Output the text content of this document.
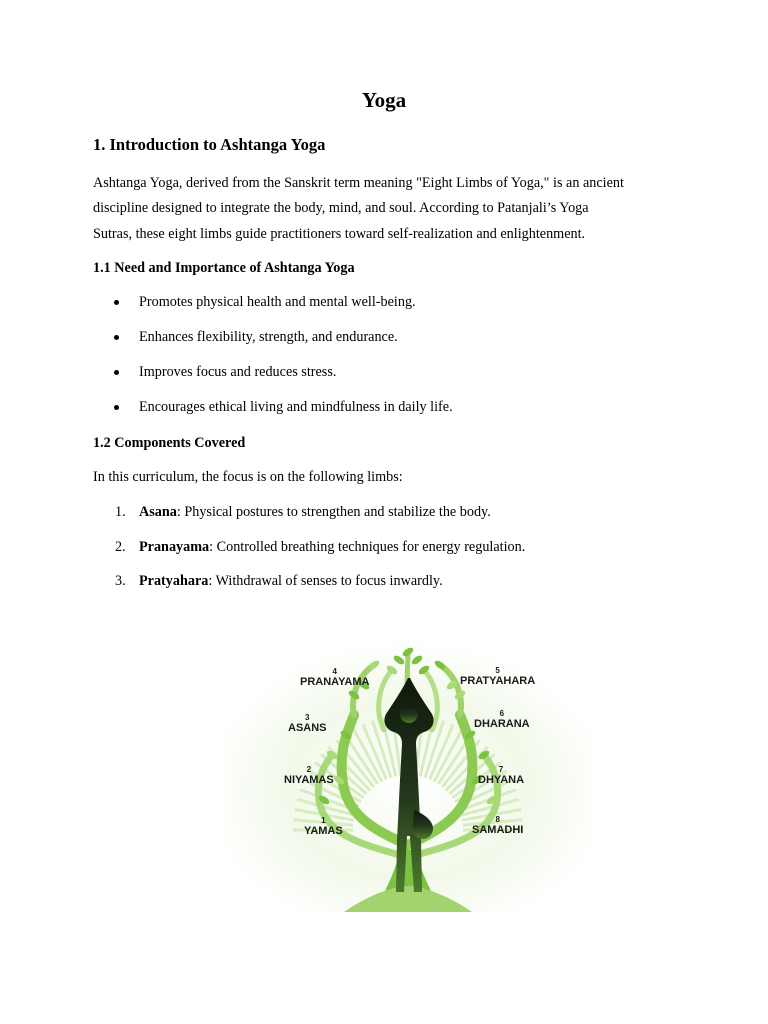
Yoga
1. Introduction to Ashtanga Yoga
Ashtanga Yoga, derived from the Sanskrit term meaning "Eight Limbs of Yoga," is an ancient
discipline designed to integrate the body, mind, and soul. According to Patanjali’s Yoga
Sutras, these eight limbs guide practitioners toward self-realization and enlightenment.
1.1 Need and Importance of Ashtanga Yoga
Promotes physical health and mental well-being.
Enhances flexibility, strength, and endurance.
Improves focus and reduces stress.
Encourages ethical living and mindfulness in daily life.
1.2 Components Covered
In this curriculum, the focus is on the following limbs:
1. Asana: Physical postures to strengthen and stabilize the body.
2. Pranayama: Controlled breathing techniques for energy regulation.
3. Pratyahara: Withdrawal of senses to focus inwardly.
4
PRANAYAMA
5
PRATYAHARA
3
ASANS
6
DHARANA
2
NIYAMAS
7
DHYANA
1
YAMAS
8
SAMADHI
